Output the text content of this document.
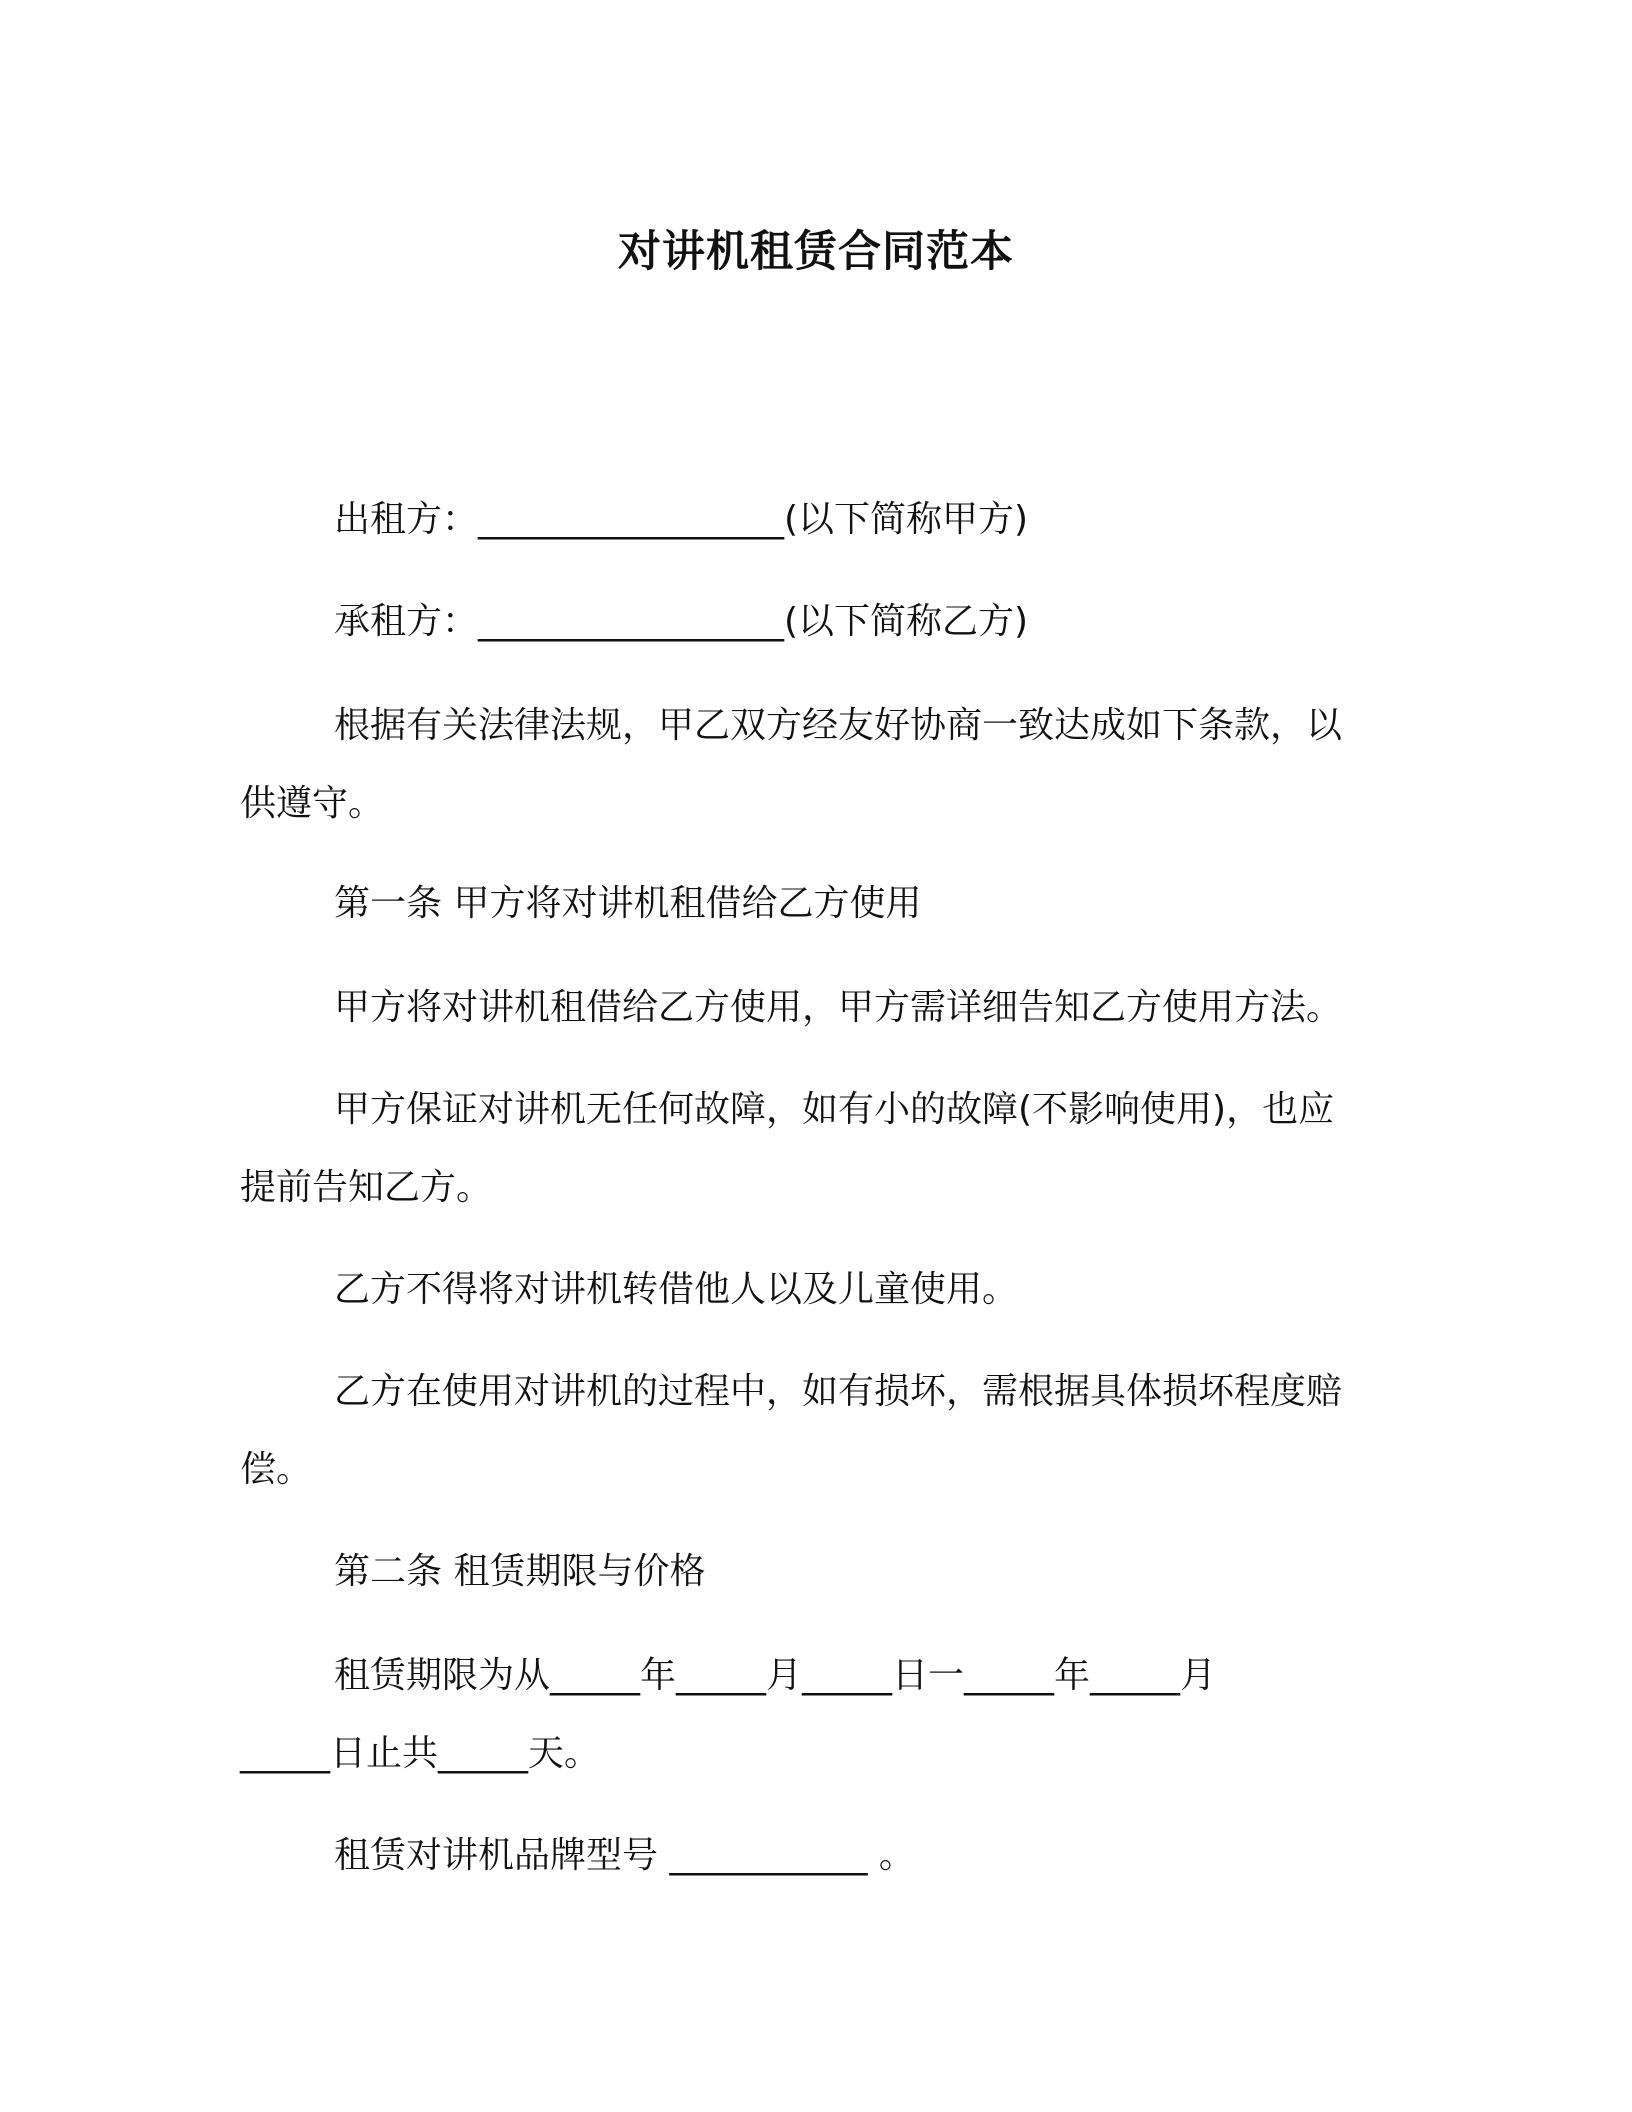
对讲机租赁合同范本

出租方：_________________(以下简称甲方)

承租方：_________________(以下简称乙方)

根据有关法律法规，甲乙双方经友好协商一致达成如下条款，以

供遵守。

第一条 甲方将对讲机租借给乙方使用

甲方将对讲机租借给乙方使用，甲方需详细告知乙方使用方法。

甲方保证对讲机无任何故障，如有小的故障(不影响使用)，也应

提前告知乙方。

乙方不得将对讲机转借他人以及儿童使用。

乙方在使用对讲机的过程中，如有损坏，需根据具体损坏程度赔

偿。

第二条 租赁期限与价格

租赁期限为从_____年_____月_____日一_____年_____月

_____日止共_____天。

租赁对讲机品牌型号 ___________ 。
